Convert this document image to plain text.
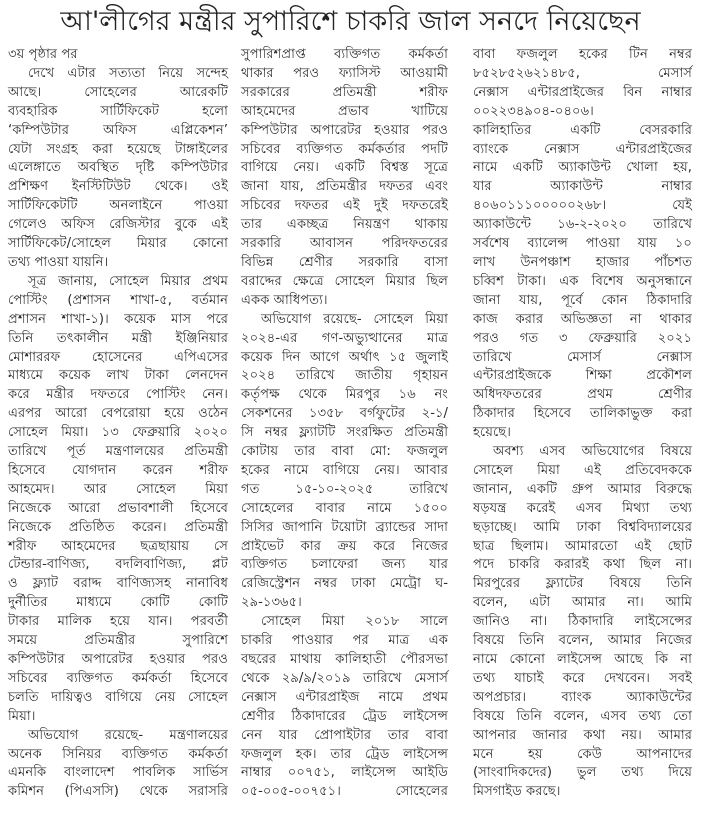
আ'লীগের মন্ত্রীর সুপারিশে চাকরি জাল সনদে নিয়েছেন
৩য় পৃষ্ঠার পর
দেখে এটার সত্যতা নিয়ে সন্দেহ
আছে। সোহেলের আরেকটি
ব্যবহারিক সার্টিফিকেট হলো
‘কম্পিউটার অফিস এপ্লিকেশন’
যেটা সংগ্রহ করা হয়েছে টাঙ্গাইলের
এলেঙ্গাতে অবস্থিত দৃষ্টি কম্পিউটার
প্রশিক্ষণ ইনস্টিটিউট থেকে। ওই
সার্টিফিকেটটি অনলাইনে পাওয়া
গেলেও অফিস রেজিস্টার বুকে এই
সার্টিফিকেট/সোহেল মিয়ার কোনো
তথ্য পাওয়া যায়নি।
সূত্র জানায়, সোহেল মিয়ার প্রথম
পোস্টিং (প্রশাসন শাখা-৫, বর্তমান
প্রশাসন শাখা-১)। কয়েক মাস পরে
তিনি তৎকালীন মন্ত্রী ইঞ্জিনিয়ার
মোশাররফ হোসেনের এপিএসের
মাধ্যমে কয়েক লাখ টাকা লেনদেন
করে মন্ত্রীর দফতরে পোস্টিং নেন।
এরপর আরো বেপরোয়া হয়ে ওঠেন
সোহেল মিয়া। ১৩ ফেব্রুয়ারি ২০২০
তারিখে পূর্ত মন্ত্রণালয়ের প্রতিমন্ত্রী
হিসেবে যোগদান করেন শরীফ
আহমেদ। আর সোহেল মিয়া
নিজেকে আরো প্রভাবশালী হিসেবে
নিজেকে প্রতিষ্ঠিত করেন। প্রতিমন্ত্রী
শরীফ আহমেদের ছত্রছায়ায় সে
টেন্ডার-বাণিজ্য, বদলিবাণিজ্য, প্লট
ও ফ্ল্যাট বরাদ্দ বাণিজ্যসহ নানাবিধ
দুর্নীতির মাধ্যমে কোটি কোটি
টাকার মালিক হয়ে যান। পরবর্তী
সময়ে প্রতিমন্ত্রীর সুপারিশে
কম্পিউটার অপারেটর হওয়ার পরও
সচিবের ব্যক্তিগত কর্মকর্তা হিসেবে
চলতি দায়িত্বও বাগিয়ে নেয় সোহেল
মিয়া।
অভিযোগ রয়েছে- মন্ত্রণালয়ের
অনেক সিনিয়র ব্যক্তিগত কর্মকর্তা
এমনকি বাংলাদেশ পাবলিক সার্ভিস
কমিশন (পিএসসি) থেকে সরাসরি
সুপারিশপ্রাপ্ত ব্যক্তিগত কর্মকর্তা
থাকার পরও ফ্যাসিস্ট আওয়ামী
সরকারের প্রতিমন্ত্রী শরীফ
আহমেদের প্রভাব খাটিয়ে
কম্পিউটার অপারেটর হওয়ার পরও
সচিবের ব্যক্তিগত কর্মকর্তার পদটি
বাগিয়ে নেয়। একটি বিশ্বস্ত সূত্রে
জানা যায়, প্রতিমন্ত্রীর দফতর এবং
সচিবের দফতর এই দুই দফতরেই
তার একচ্ছত্র নিয়ন্ত্রণ থাকায়
সরকারি আবাসন পরিদফতরের
বিভিন্ন শ্রেণীর সরকারি বাসা
বরাদ্দের ক্ষেত্রে সোহেল মিয়ার ছিল
একক আধিপত্য।
অভিযোগ রয়েছে- সোহেল মিয়া
২০২৪-এর গণ-অভ্যুত্থানের মাত্র
কয়েক দিন আগে অর্থাৎ ১৫ জুলাই
২০২৪ তারিখে জাতীয় গৃহায়ন
কর্তৃপক্ষ থেকে মিরপুর ১৬ নং
সেকশনের ১৩৫৮ বর্গফুটের ২-১/
সি নম্বর ফ্ল্যাটটি সংরক্ষিত প্রতিমন্ত্রী
কোটায় তার বাবা মো: ফজলুল
হকের নামে বাগিয়ে নেয়। আবার
গত ১৫-১০-২০২৫ তারিখে
সোহেলের বাবার নামে ১৫০০
সিসির জাপানি টয়োটা ব্র্যান্ডের সাদা
প্রাইভেট কার ক্রয় করে নিজের
ব্যক্তিগত চলাফেরা জন্য যার
রেজিস্ট্রেশন নম্বর ঢাকা মেট্রো ঘ-
২৯-১৩৬৫।
সোহেল মিয়া ২০১৮ সালে
চাকরি পাওয়ার পর মাত্র এক
বছরের মাথায় কালিহাতী পৌরসভা
থেকে ২৯/৯/২০১৯ তারিখে মেসার্স
নেক্সাস এন্টারপ্রাইজ নামে প্রথম
শ্রেণীর ঠিকাদারের ট্রেড লাইসেন্স
নেন যার প্রোপাইটার তার বাবা
ফজলুল হক। তার ট্রেড লাইসেন্স
নাম্বার ০০৭৫১, লাইসেন্স আইডি
০৫-০০৫-০০৭৫১। সোহেলের
বাবা ফজলুল হকের টিন নম্বর
৮৫২৮৫২৬২১৪৮৫, মেসার্স
নেক্সাস এন্টারপ্রাইজের বিন নাম্বার
০০২২৩৪৯০৪-০৪০৬।
কালিহাতির একটি বেসরকারি
ব্যাংকে নেক্সাস এন্টারপ্রাইজের
নামে একটি অ্যাকাউন্ট খোলা হয়,
যার অ্যাকাউন্ট নাম্বার
৪০৬০১১১০০০০০২৬৮। যেই
অ্যাকাউন্টে ১৬-২-২০২০ তারিখে
সর্বশেষ ব্যালেন্স পাওয়া যায় ১০
লাখ উনপঞ্চাশ হাজার পাঁচশত
চব্বিশ টাকা। এক বিশেষ অনুসন্ধানে
জানা যায়, পূর্বে কোন ঠিকাদারি
কাজ করার অভিজ্ঞতা না থাকার
পরও গত ৩ ফেব্রুয়ারি ২০২১
তারিখে মেসার্স নেক্সাস
এন্টারপ্রাইজকে শিক্ষা প্রকৌশল
অধিদফতরের প্রথম শ্রেণীর
ঠিকাদার হিসেবে তালিকাভুক্ত করা
হয়েছে।
অবশ্য এসব অভিযোগের বিষয়ে
সোহেল মিয়া এই প্রতিবেদককে
জানান, একটি গ্রুপ আমার বিরুদ্ধে
ষড়যন্ত্র করেই এসব মিথ্যা তথ্য
ছড়াচ্ছে। আমি ঢাকা বিশ্ববিদ্যালয়ের
ছাত্র ছিলাম। আমারতো এই ছোট
পদে চাকরি করারই কথা ছিল না।
মিরপুরের ফ্ল্যাটের বিষয়ে তিনি
বলেন, এটা আমার না। আমি
জানিও না। ঠিকাদারি লাইসেন্সের
বিষয়ে তিনি বলেন, আমার নিজের
নামে কোনো লাইসেন্স আছে কি না
তথ্য যাচাই করে দেখবেন। সবই
অপপ্রচার। ব্যাংক অ্যাকাউন্টের
বিষয়ে তিনি বলেন, এসব তথ্য তো
আপনার জানার কথা নয়। আমার
মনে হয় কেউ আপনাদের
(সাংবাদিকদের) ভুল তথ্য দিয়ে
মিসগাইড করছে।
